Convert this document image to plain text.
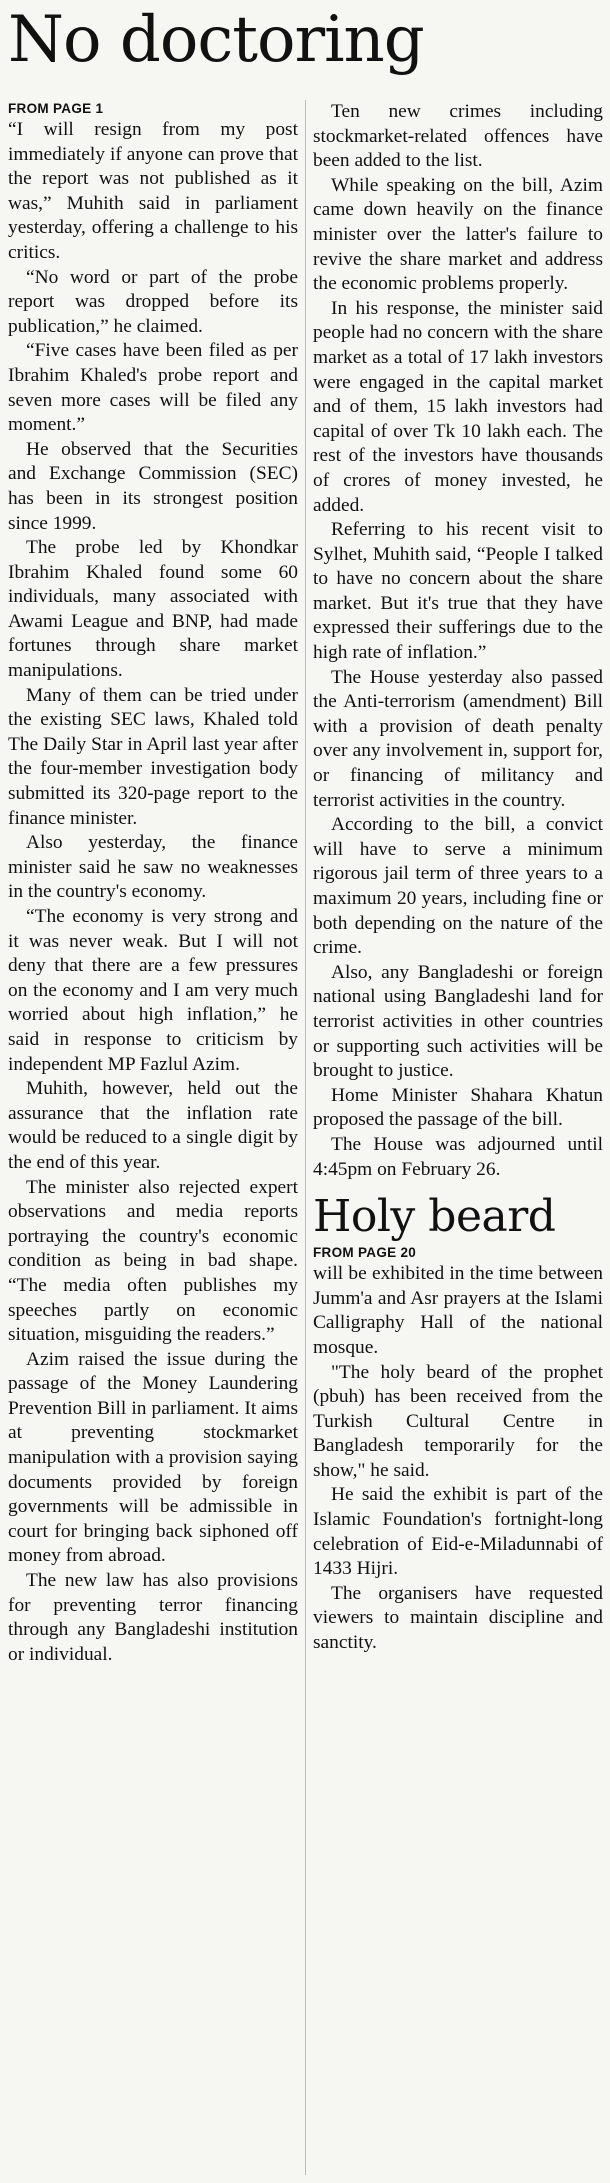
No doctoring
FROM PAGE 1

“I will resign from my post immediately if anyone can prove that the report was not published as it was,” Muhith said in parliament yesterday, offering a challenge to his critics.

“No word or part of the probe report was dropped before its publication,” he claimed.

“Five cases have been filed as per Ibrahim Khaled's probe report and seven more cases will be filed any moment.”

He observed that the Securities and Exchange Commission (SEC) has been in its strongest position since 1999.

The probe led by Khondkar Ibrahim Khaled found some 60 individuals, many associated with Awami League and BNP, had made fortunes through share market manipulations.

Many of them can be tried under the existing SEC laws, Khaled told The Daily Star in April last year after the four-member investigation body submitted its 320-page report to the finance minister.

Also yesterday, the finance minister said he saw no weaknesses in the country's economy.

“The economy is very strong and it was never weak. But I will not deny that there are a few pressures on the economy and I am very much worried about high inflation,” he said in response to criticism by independent MP Fazlul Azim.

Muhith, however, held out the assurance that the inflation rate would be reduced to a single digit by the end of this year.

The minister also rejected expert observations and media reports portraying the country's economic condition as being in bad shape. “The media often publishes my speeches partly on economic situation, misguiding the readers.”

Azim raised the issue during the passage of the Money Laundering Prevention Bill in parliament. It aims at preventing stockmarket manipulation with a provision saying documents provided by foreign governments will be admissible in court for bringing back siphoned off money from abroad.

The new law has also provisions for preventing terror financing through any Bangladeshi institution or individual.

Ten new crimes including stockmarket-related offences have been added to the list.

While speaking on the bill, Azim came down heavily on the finance minister over the latter's failure to revive the share market and address the economic problems properly.

In his response, the minister said people had no concern with the share market as a total of 17 lakh investors were engaged in the capital market and of them, 15 lakh investors had capital of over Tk 10 lakh each. The rest of the investors have thousands of crores of money invested, he added.

Referring to his recent visit to Sylhet, Muhith said, “People I talked to have no concern about the share market. But it's true that they have expressed their sufferings due to the high rate of inflation.”

The House yesterday also passed the Anti-terrorism (amendment) Bill with a provision of death penalty over any involvement in, support for, or financing of militancy and terrorist activities in the country.

According to the bill, a convict will have to serve a minimum rigorous jail term of three years to a maximum 20 years, including fine or both depending on the nature of the crime.

Also, any Bangladeshi or foreign national using Bangladeshi land for terrorist activities in other countries or supporting such activities will be brought to justice.

Home Minister Shahara Khatun proposed the passage of the bill.

The House was adjourned until 4:45pm on February 26.

Holy beard
FROM PAGE 20

will be exhibited in the time between Jumm'a and Asr prayers at the Islami Calligraphy Hall of the national mosque.

"The holy beard of the prophet (pbuh) has been received from the Turkish Cultural Centre in Bangladesh temporarily for the show," he said.

He said the exhibit is part of the Islamic Foundation's fortnight-long celebration of Eid-e-Miladunnabi of 1433 Hijri.

The organisers have requested viewers to maintain discipline and sanctity.
